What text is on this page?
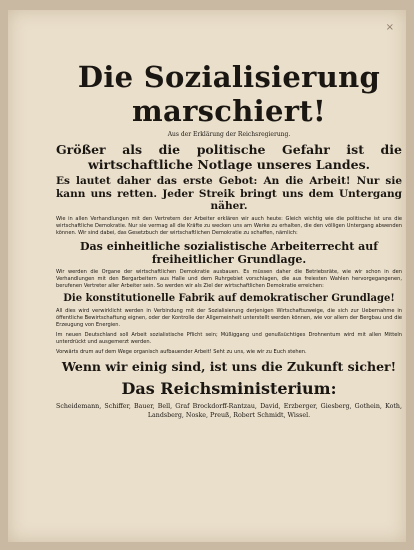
×
Die Sozialisierung
marschiert!

Aus der Erklärung der Reichsregierung.

Größer als die politische Gefahr ist die wirtschaftliche Notlage unseres Landes.

Es lautet daher das erste Gebot: An die Arbeit! Nur sie kann uns retten. Jeder Streik bringt uns dem Untergang näher.

Wie in allen Verhandlungen mit den Vertretern der Arbeiter erklären wir auch heute: Gleich wichtig wie die politische ist uns die wirtschaftliche Demokratie. Nur sie vermag all die Kräfte zu wecken uns am Werke zu erhalten, die den völligen Untergang abwenden können. Wir sind dabei, das Gesetzbuch der wirtschaftlichen Demokratie zu schaffen, nämlich:

Das einheitliche sozialistische Arbeiterrecht auf freiheitlicher Grundlage.

Wir werden die Organe der wirtschaftlichen Demokratie ausbauen. Es müssen daher die Betriebsräte, wie wir schon in den Verhandlungen mit den Bergarbeitern aus Halle und dem Ruhrgebiet vorschlagen, die aus freiesten Wahlen hervorgegangenen, berufenen Vertreter aller Arbeiter sein. So werden wir als Ziel der wirtschaftlichen Demokratie erreichen:

Die konstitutionelle Fabrik auf demokratischer Grundlage!

All dies wird verwirklicht werden in Verbindung mit der Sozialisierung derjenigen Wirtschaftszweige, die sich zur Uebernahme in öffentliche Bewirtschaftung eignen, oder der Kontrolle der Allgemeinheit unterstellt werden können, wie vor allem der Bergbau und die Erzeugung von Energien.

Im neuen Deutschland soll Arbeit sozialistische Pflicht sein; Müßiggang und genußsüchtiges Drohnentum wird mit allen Mitteln unterdrückt und ausgemerzt werden.

Vorwärts drum auf dem Wege organisch aufbauender Arbeit! Seht zu uns, wie wir zu Euch stehen.

Wenn wir einig sind, ist uns die Zukunft sicher!

Das Reichsministerium:

Scheidemann, Schiffer, Bauer, Bell, Graf Brockdorff-Rantzau, David, Erzberger, Giesberg, Gothein, Koth, Landsberg, Noske, Preuß, Robert Schmidt, Wissel.
